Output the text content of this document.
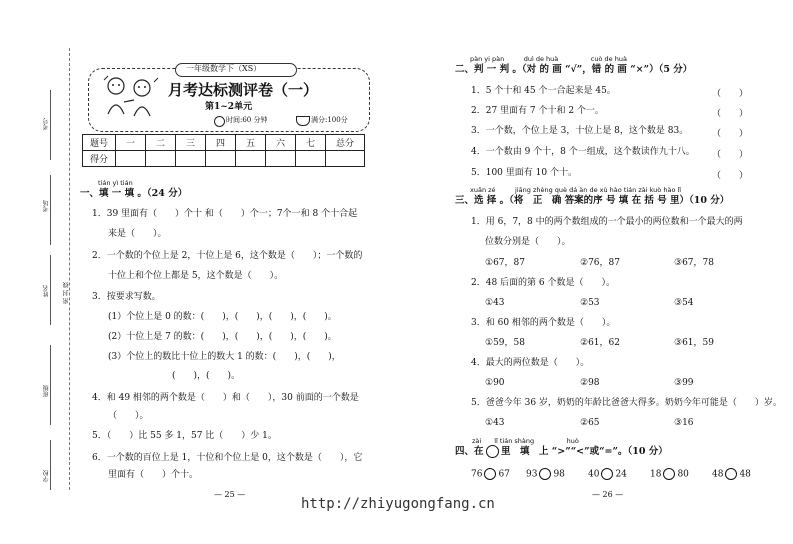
考号
考场
姓名 密 封 线
班级
学校
一年级数学下（XS）
月考达标测评卷（一）
第1~2单元
时间:60 分钟	满分:100分
题号	一	二	三	四	五	六	七	总分
得分								
tián yì tián
一、填 一 填 。（24 分）
1．39 里面有（　　）个十 和（　　）个一；7个一和 8 个十合起
来是（　　）。
2．一个数的个位上是 2，十位上是 6，这个数是（　　）；一个数的
十位上和个位上都是 5，这个数是（　　）。
3．按要求写数。
(1）个位上是 0 的数：(　　)，(　　)，(　　)，(　　)。
(2）十位上是 7 的数：(　　)，(　　)，(　　)，(　　)。
(3）个位上的数比十位上的数大 1 的数：(　　)，(　　)，
(　　)，(　　)。
4．和 49 相邻的两个数是（　　）和（　　），30 前面的一个数是
（　　）。
5．（　　）比 55 多 1，57 比（　　）少 1。
6．一个数的百位上是 1，十位和个位上是 0，这个数是（　　），它
里面有（　　）个十。
— 25 —
pàn yi pàn　　　duì de huà　　　　　cuò de huà
二、判 一 判 。（对 的 画 “√”，错 的 画 “×”）（5 分）
1．5 个十和 45 个一合起来是 45。	（　　）
2．27 里面有 7 个十和 2 个一。	（　　）
3．一个数，个位上是 3，十位上是 8，这个数是 83。	（　　）
4．一个数由 9 个十，8 个一组成，这个数读作九十八。 （　　）
5．100 里面有 10 个十。	（　　）
xuǎn zé　　　jiāng zhèng què dá àn de xù hào tián zài kuò hào lǐ
三、选 择 。（将　正　确 答案的序 号 填 在 括 号 里）（10 分）
1．用 6，7，8 中的两个数组成的一个最小的两位数和一个最大的两
位数分别是（　　）。
①67，87	②76，87	③67，78
2．48 后面的第 6 个数是（　　）。
①43	②53	③54
3．和 60 相邻的两个数是（　　）。
①59，58	②61，62	③61，59
4．最大的两位数是（　　）。
①90	②98	③99
5．爸爸今年 36 岁，奶奶的年龄比爸爸大得多。奶奶今年可能是（　　）岁。
①43	②65	③16
zài　　lǐ tián shàng　　　　　huò
四、在 里　填　上 “>”“<”或“=”。（10 分）
76 67 93 98	40 24	18 80	48 48
— 26 —
http://zhiyugongfang.cn
